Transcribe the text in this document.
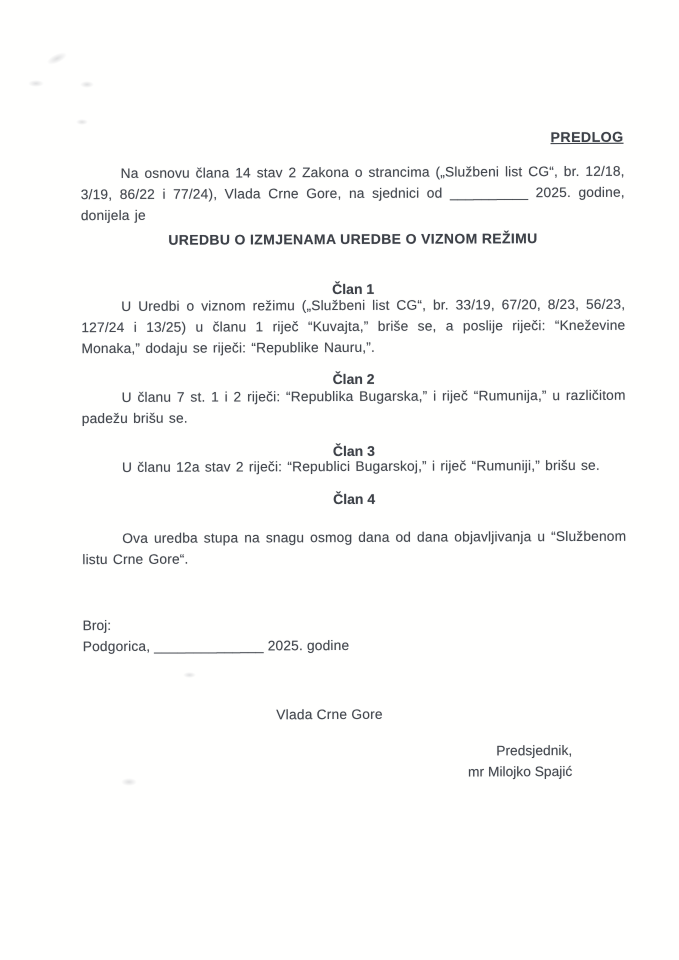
PREDLOG

Na osnovu člana 14 stav 2 Zakona o strancima („Službeni list CG“, br. 12/18, 3/19, 86/22 i 77/24), Vlada Crne Gore, na sjednici od __________ 2025. godine, donijela je

UREDBU O IZMJENAMA UREDBE O VIZNOM REŽIMU
Član 1

U Uredbi o viznom režimu („Službeni list CG“, br. 33/19, 67/20, 8/23, 56/23, 127/24 i 13/25) u članu 1 riječ “Kuvajta,” briše se, a poslije riječi: “Kneževine Monaka,” dodaju se riječi: “Republike Nauru,”.

Član 2

U članu 7 st. 1 i 2 riječi: “Republika Bugarska,” i riječ “Rumunija,” u različitom padežu brišu se.

Član 3

U članu 12a stav 2 riječi: “Republici Bugarskoj,” i riječ “Rumuniji,” brišu se.

Član 4

Ova uredba stupa na snagu osmog dana od dana objavljivanja u “Službenom listu Crne Gore“.

Broj:
Podgorica, ______________ 2025. godine
Vlada Crne Gore
Predsjednik,
mr Milojko Spajić
